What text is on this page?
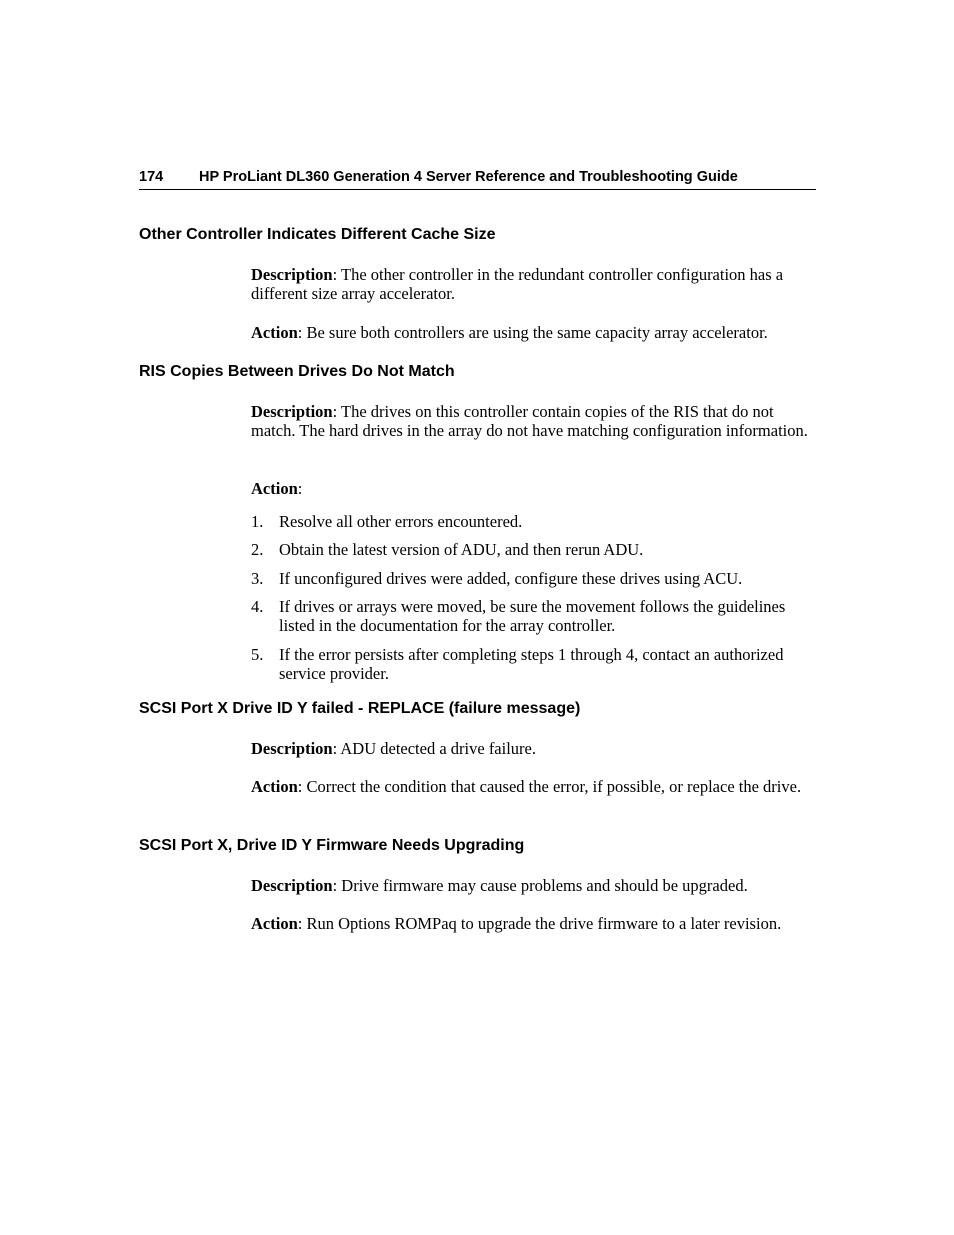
174 HP ProLiant DL360 Generation 4 Server Reference and Troubleshooting Guide
Other Controller Indicates Different Cache Size
Description: The other controller in the redundant controller configuration has a different size array accelerator.
Action: Be sure both controllers are using the same capacity array accelerator.
RIS Copies Between Drives Do Not Match
Description: The drives on this controller contain copies of the RIS that do not match. The hard drives in the array do not have matching configuration information.
Action:
1. Resolve all other errors encountered.
2. Obtain the latest version of ADU, and then rerun ADU.
3. If unconfigured drives were added, configure these drives using ACU.
4. If drives or arrays were moved, be sure the movement follows the guidelines listed in the documentation for the array controller.
5. If the error persists after completing steps 1 through 4, contact an authorized service provider.
SCSI Port X Drive ID Y failed - REPLACE (failure message)
Description: ADU detected a drive failure.
Action: Correct the condition that caused the error, if possible, or replace the drive.
SCSI Port X, Drive ID Y Firmware Needs Upgrading
Description: Drive firmware may cause problems and should be upgraded.
Action: Run Options ROMPaq to upgrade the drive firmware to a later revision.
